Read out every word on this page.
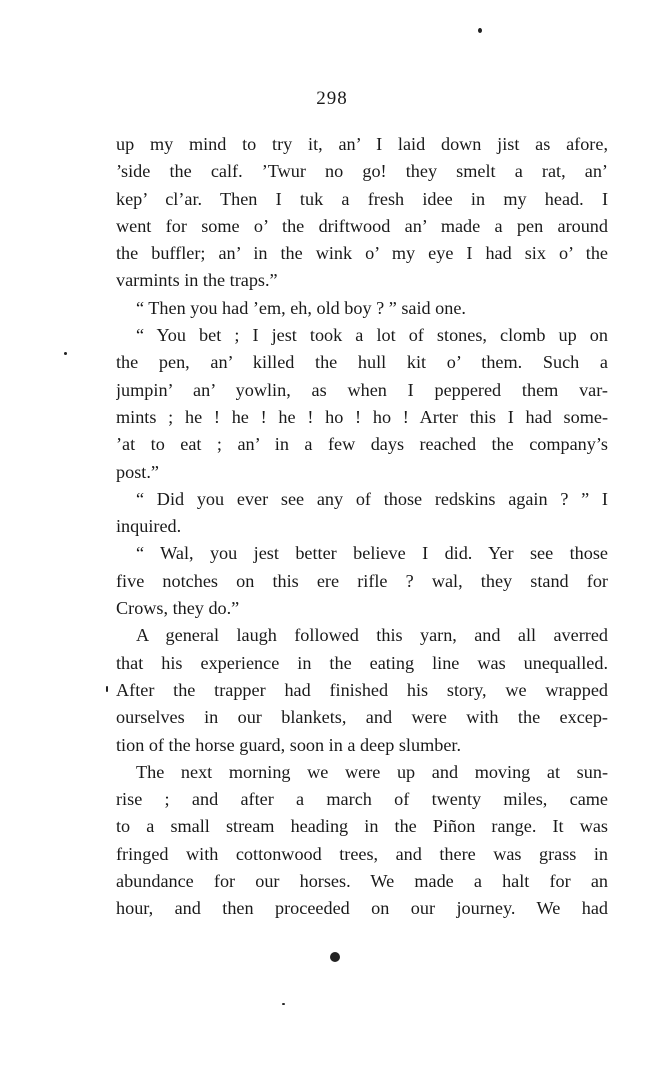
298
up my mind to try it, an’ I laid down jist as afore,
’side the calf. ’Twur no go! they smelt a rat, an’
kep’ cl’ar. Then I tuk a fresh idee in my head. I
went for some o’ the driftwood an’ made a pen around
the buffler; an’ in the wink o’ my eye I had six o’ the
varmints in the traps.”
“ Then you had ’em, eh, old boy ? ” said one.
“ You bet ; I jest took a lot of stones, clomb up on
the pen, an’ killed the hull kit o’ them. Such a
jumpin’ an’ yowlin, as when I peppered them var-
mints ; he ! he ! he ! ho ! ho ! Arter this I had some-
’at to eat ; an’ in a few days reached the company’s
post.”
“ Did you ever see any of those redskins again ? ” I
inquired.
“ Wal, you jest better believe I did. Yer see those
five notches on this ere rifle ? wal, they stand for
Crows, they do.”
A general laugh followed this yarn, and all averred
that his experience in the eating line was unequalled.
After the trapper had finished his story, we wrapped
ourselves in our blankets, and were with the excep-
tion of the horse guard, soon in a deep slumber.
The next morning we were up and moving at sun-
rise ; and after a march of twenty miles, came
to a small stream heading in the Piñon range. It was
fringed with cottonwood trees, and there was grass in
abundance for our horses. We made a halt for an
hour, and then proceeded on our journey. We had
